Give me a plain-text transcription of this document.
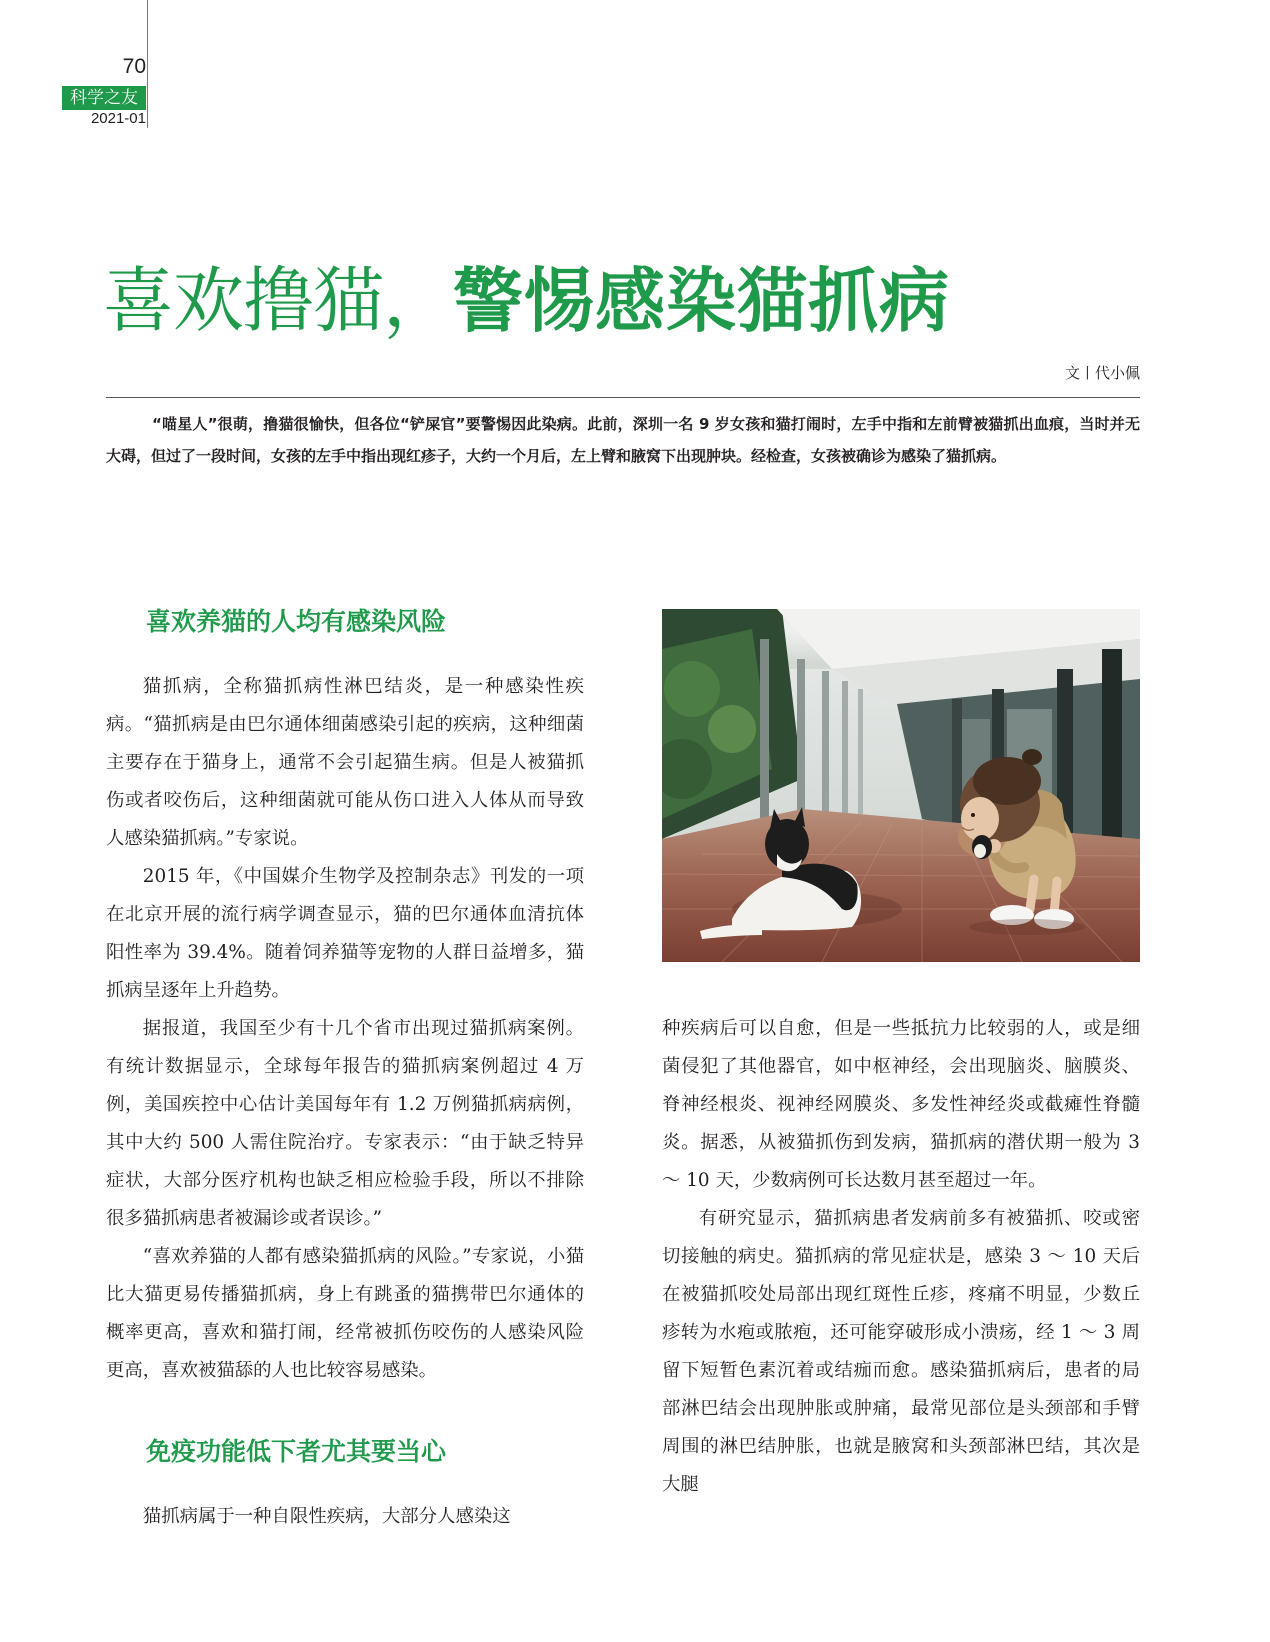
70
科学之友
2021-01
喜欢撸猫，警惕感染猫抓病
文丨代小佩

“喵星人”很萌，撸猫很愉快，但各位“铲屎官”要警惕因此染病。此前，深圳一名 9 岁女孩和猫打闹时，左手中指和左前臂被猫抓出血痕，当时并无大碍，但过了一段时间，女孩的左手中指出现红疹子，大约一个月后，左上臂和腋窝下出现肿块。经检查，女孩被确诊为感染了猫抓病。

喜欢养猫的人均有感染风险

猫抓病，全称猫抓病性淋巴结炎，是一种感染性疾病。“猫抓病是由巴尔通体细菌感染引起的疾病，这种细菌主要存在于猫身上，通常不会引起猫生病。但是人被猫抓伤或者咬伤后，这种细菌就可能从伤口进入人体从而导致人感染猫抓病。”专家说。

2015 年，《中国媒介生物学及控制杂志》刊发的一项在北京开展的流行病学调查显示，猫的巴尔通体血清抗体阳性率为 39.4%。随着饲养猫等宠物的人群日益增多，猫抓病呈逐年上升趋势。

据报道，我国至少有十几个省市出现过猫抓病案例。有统计数据显示，全球每年报告的猫抓病案例超过 4 万例，美国疾控中心估计美国每年有 1.2 万例猫抓病病例，其中大约 500 人需住院治疗。专家表示：“由于缺乏特异症状，大部分医疗机构也缺乏相应检验手段，所以不排除很多猫抓病患者被漏诊或者误诊。”

“喜欢养猫的人都有感染猫抓病的风险。”专家说，小猫比大猫更易传播猫抓病，身上有跳蚤的猫携带巴尔通体的概率更高，喜欢和猫打闹，经常被抓伤咬伤的人感染风险更高，喜欢被猫舔的人也比较容易感染。

免疫功能低下者尤其要当心

猫抓病属于一种自限性疾病，大部分人感染这

种疾病后可以自愈，但是一些抵抗力比较弱的人，或是细菌侵犯了其他器官，如中枢神经，会出现脑炎、脑膜炎、脊神经根炎、视神经网膜炎、多发性神经炎或截瘫性脊髓炎。据悉，从被猫抓伤到发病，猫抓病的潜伏期一般为 3 ～ 10 天，少数病例可长达数月甚至超过一年。

有研究显示，猫抓病患者发病前多有被猫抓、咬或密切接触的病史。猫抓病的常见症状是，感染 3 ～ 10 天后在被猫抓咬处局部出现红斑性丘疹，疼痛不明显，少数丘疹转为水疱或脓疱，还可能穿破形成小溃疡，经 1 ～ 3 周留下短暂色素沉着或结痂而愈。感染猫抓病后，患者的局部淋巴结会出现肿胀或肿痛，最常见部位是头颈部和手臂周围的淋巴结肿胀，也就是腋窝和头颈部淋巴结，其次是大腿
